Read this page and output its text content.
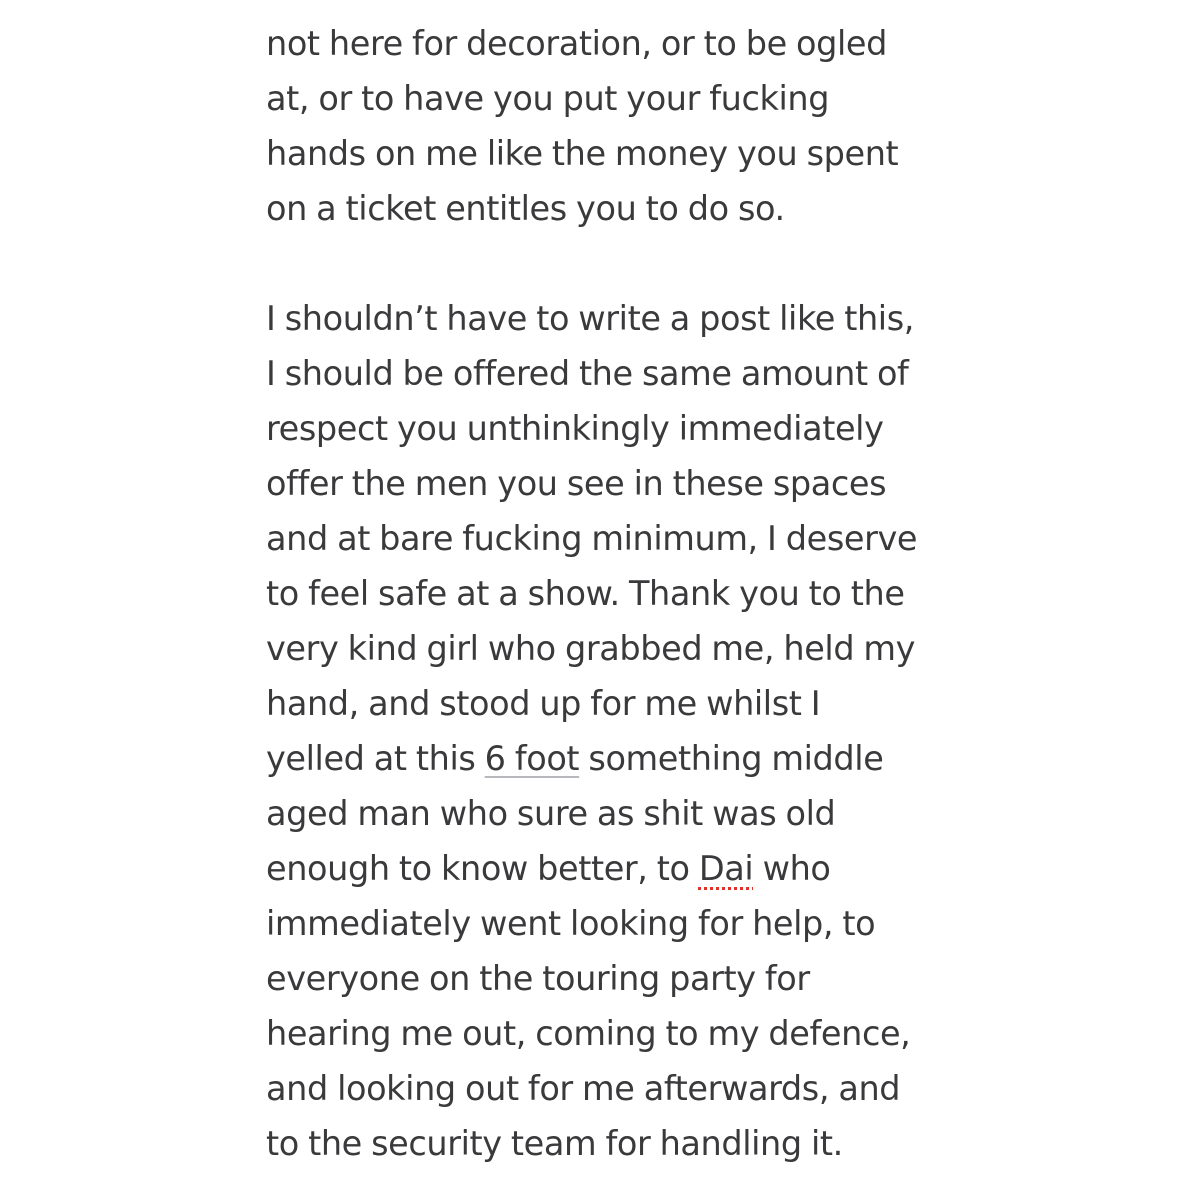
not here for decoration, or to be ogled
at, or to have you put your fucking
hands on me like the money you spent
on a ticket entitles you to do so.
I shouldn’t have to write a post like this,
I should be offered the same amount of
respect you unthinkingly immediately
offer the men you see in these spaces
and at bare fucking minimum, I deserve
to feel safe at a show. Thank you to the
very kind girl who grabbed me, held my
hand, and stood up for me whilst I
yelled at this 6 foot something middle
aged man who sure as shit was old
enough to know better, to Dai who
immediately went looking for help, to
everyone on the touring party for
hearing me out, coming to my defence,
and looking out for me afterwards, and
to the security team for handling it.
